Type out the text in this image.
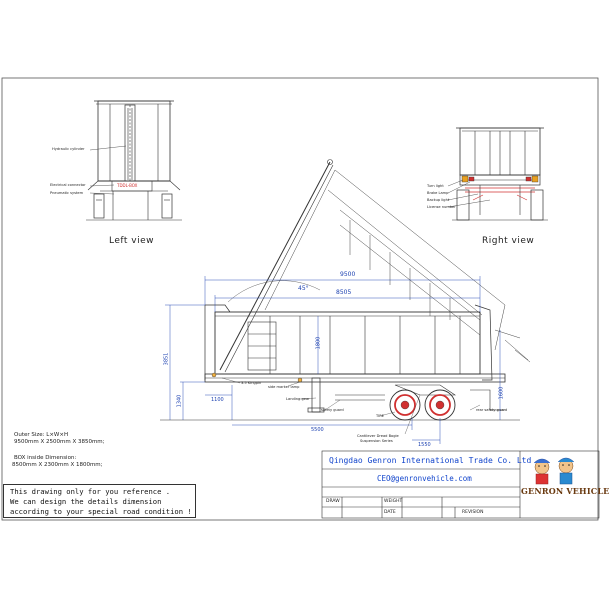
Hydraulic cylinder
Electrical connector
Pneumatic system
TDDL-BOX
Left view
Turn light
Brake Lamp
Backup light
License number
Right view
45°
9500
8505
3851
1340
1800
1100
5500
1550
1600
3.5 Kingpin
side marker lamp
Landing gear
safety guard
TIRE
rear safety guard
Cantilever Dread Bogie
Suspension Series
Outer Size: L×W×H
9500mm X 2500mm X 3850mm;
BOX inside Dimension:
8500mm X 2300mm X 1800mm;
This drawing only for you reference .
We can design the details dimension
according to your special road condition !
Qingdao Genron International Trade Co. Ltd
CEO@genronvehicle.com
GENRON VEHICLE
DRAW	WEIGHT
DATE	REVISION
